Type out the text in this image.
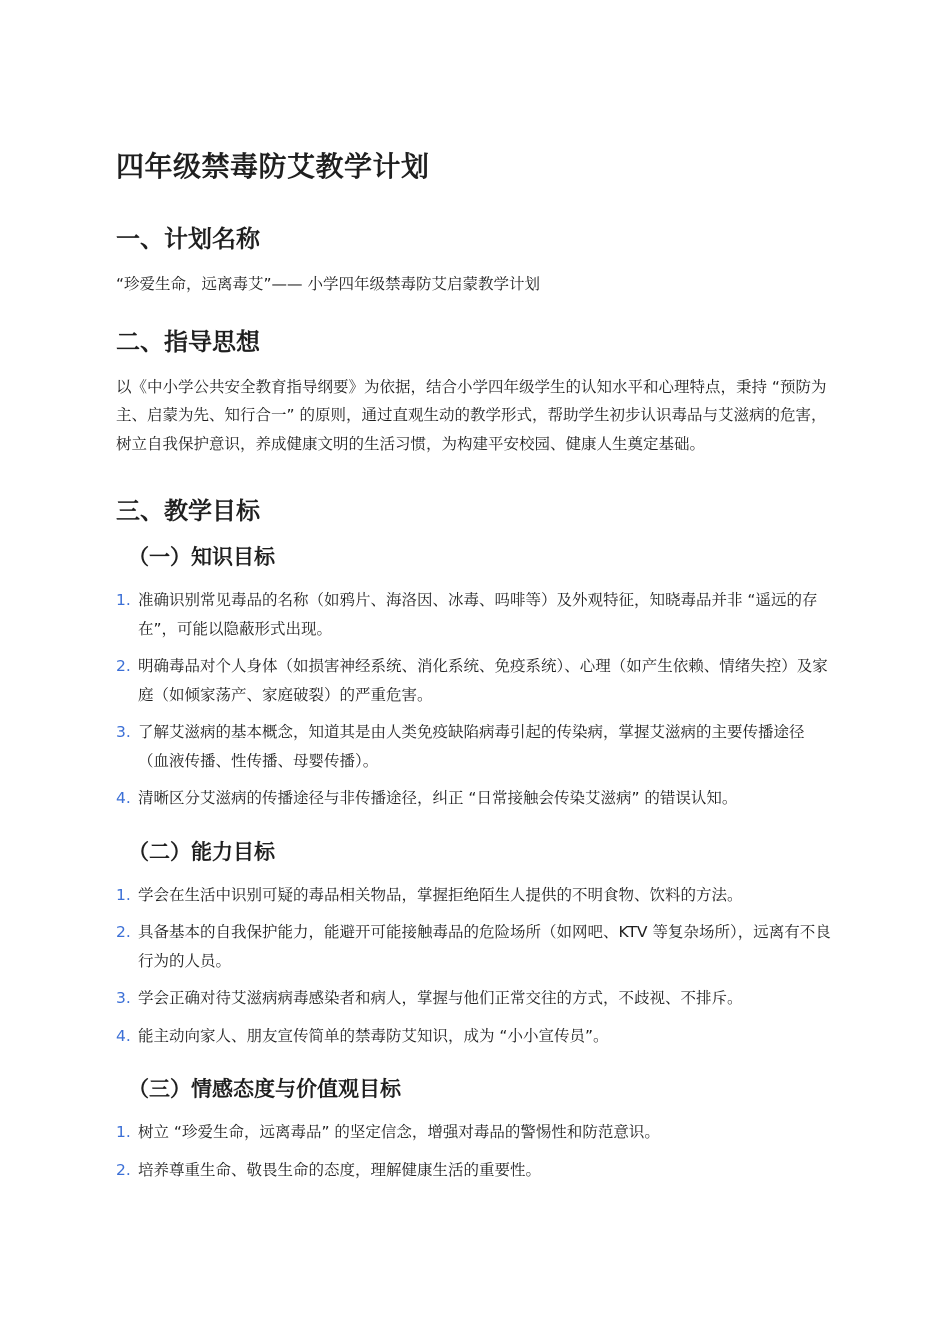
四年级禁毒防艾教学计划
一、计划名称

“珍爱生命，远离毒艾”—— 小学四年级禁毒防艾启蒙教学计划

二、指导思想

以《中小学公共安全教育指导纲要》为依据，结合小学四年级学生的认知水平和心理特点，秉持 “预防为主、启蒙为先、知行合一” 的原则，通过直观生动的教学形式，帮助学生初步认识毒品与艾滋病的危害，树立自我保护意识，养成健康文明的生活习惯，为构建平安校园、健康人生奠定基础。

三、教学目标
（一）知识目标
1. 准确识别常见毒品的名称（如鸦片、海洛因、冰毒、吗啡等）及外观特征，知晓毒品并非 “遥远的存在”，可能以隐蔽形式出现。
2. 明确毒品对个人身体（如损害神经系统、消化系统、免疫系统）、心理（如产生依赖、情绪失控）及家庭（如倾家荡产、家庭破裂）的严重危害。
3. 了解艾滋病的基本概念，知道其是由人类免疫缺陷病毒引起的传染病，掌握艾滋病的主要传播途径（血液传播、性传播、母婴传播）。
4. 清晰区分艾滋病的传播途径与非传播途径，纠正 “日常接触会传染艾滋病” 的错误认知。
（二）能力目标
1. 学会在生活中识别可疑的毒品相关物品，掌握拒绝陌生人提供的不明食物、饮料的方法。
2. 具备基本的自我保护能力，能避开可能接触毒品的危险场所（如网吧、KTV 等复杂场所），远离有不良行为的人员。
3. 学会正确对待艾滋病病毒感染者和病人，掌握与他们正常交往的方式，不歧视、不排斥。
4. 能主动向家人、朋友宣传简单的禁毒防艾知识，成为 “小小宣传员”。
（三）情感态度与价值观目标
1. 树立 “珍爱生命，远离毒品” 的坚定信念，增强对毒品的警惕性和防范意识。
2. 培养尊重生命、敬畏生命的态度，理解健康生活的重要性。
